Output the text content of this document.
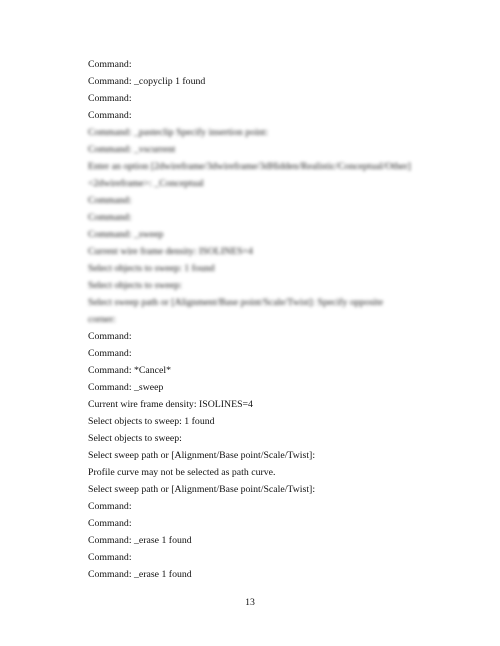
Command:
Command: _copyclip 1 found
Command:
Command:
Command: _pasteclip Specify insertion point:
Command: _vscurrent
Enter an option [2dwireframe/3dwireframe/3dHidden/Realistic/Conceptual/Other]
<2dwireframe>: _Conceptual
Command:
Command:
Command: _sweep
Current wire frame density: ISOLINES=4
Select objects to sweep: 1 found
Select objects to sweep:
Select sweep path or [Alignment/Base point/Scale/Twist]: Specify opposite
corner:
Command:
Command:
Command: *Cancel*
Command: _sweep
Current wire frame density: ISOLINES=4
Select objects to sweep: 1 found
Select objects to sweep:
Select sweep path or [Alignment/Base point/Scale/Twist]:
Profile curve may not be selected as path curve.
Select sweep path or [Alignment/Base point/Scale/Twist]:
Command:
Command:
Command: _erase 1 found
Command:
Command: _erase 1 found
13
